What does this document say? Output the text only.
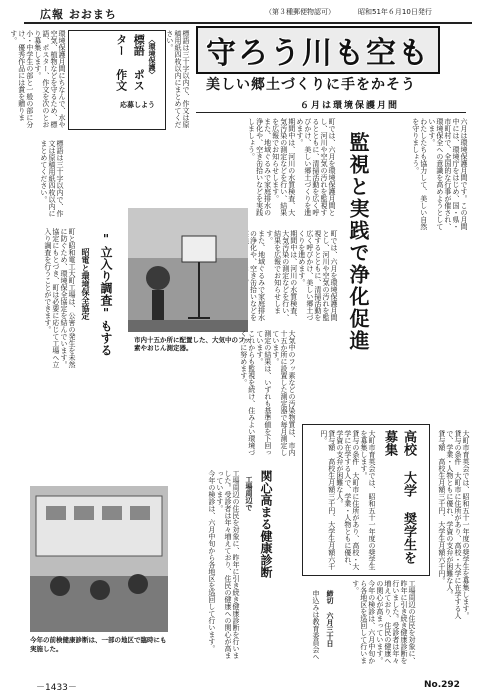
広報 おおまち	（第３種郵便物認可）	昭和51年６月10日発行
〈環境保護〉
標語 ポスター 作文
応募しよう
環境保護月間にちなんで、水や空気、植物などを守るため、標語、ポスター、作文を次のとおり募集します。
小・中学生の部と一般の部に分け、優秀作品には賞を贈ります。	標語は三十字以内で、作文は原稿用紙四枚以内にまとめてください。	守ろう川も空も
美しい郷土づくりに手をかそう
６月は環境保護月間
六月は環境保護月間です。この月間中には、環境庁をはじめ、国・県・市町村で、全国的な行事が催され、環境保全への意識を高めようとしています。
わたしたちも協力して、美しい自然を守りましょう。
監視と実践で浄化促進
町では、六月を環境保護月間とし、河川や空気の汚れを監視するとともに、清掃活動を広く呼びかけ、美しい郷土づくりを進めます。
期間中は、河川の水質検査、大気汚染の測定などを行い、結果を広報でお知らせします。
また、地域ぐるみで家庭排水の浄化や、空き缶拾いなどを実践しましょう。
町では、六月を環境保護月間とし、河川や空気の汚れを監視するとともに、清掃活動を広く呼びかけ、美しい郷土づくりを進めます。
期間中は、河川の水質検査、大気汚染の測定などを行い、結果を広報でお知らせします。
また、地域ぐるみで家庭排水の浄化や、空き缶拾いなどを
標語は三十字以内で、作文は原稿用紙四枚以内にまとめてください。
"立入り調査"もする
昭電と環境保全協定
町と昭和電工大町工場は、公害の発生を未然に防ぐため、環境保全協定を結んでいます。
協定にもとづき、町は必要に応じて工場へ立入り調査を行うことができます。
市内十五か所に配置した、大気中のフッ素やおじん測定器。	大気中のフッ素などの汚染物質は、市内十五か所に設置した測定器で毎月測定しています。
測定の結果は、いずれも基準値を下回っています。
これからも監視を続け、住みよい環境づくりに努めます。
高校 大学 奨学生を募集
大町市育英会では、昭和五十一年度の奨学生を募集します。
貸与の条件　大町市に住所があり、高校・大学に在学する人で、学業・人物ともに優れ、学資の支弁が困難な人。
貸与額　高校生月額三千円、大学生月額六千円。	大町市育英会では、昭和五十一年度の奨学生を募集します。
貸与の条件　大町市に住所があり、高校・大学に在学する人で、学業・人物ともに優れ、学資の支弁が困難な人。
貸与額　高校生月額三千円、大学生月額六千円。
締切 六月三十日
申込みは教育委員会へ
関心高まる健康診断
工場周辺で
工場周辺の住民を対象に、昨年に引き続き健康診断を行いました。受診者は年々増えており、住民の健康への関心が高まっています。
今年の検診は、六月中旬から各地区を巡回して行います。	工場周辺の住民を対象に、昨年に引き続き健康診断を行いました。受診者は年々増えており、住民の健康への関心が高まっています。
今年の検診は、六月中旬から各地区を巡回して行います。
今年の前検健康診断は、一部の地区で臨時にも実施した。
－1433－	No.292
